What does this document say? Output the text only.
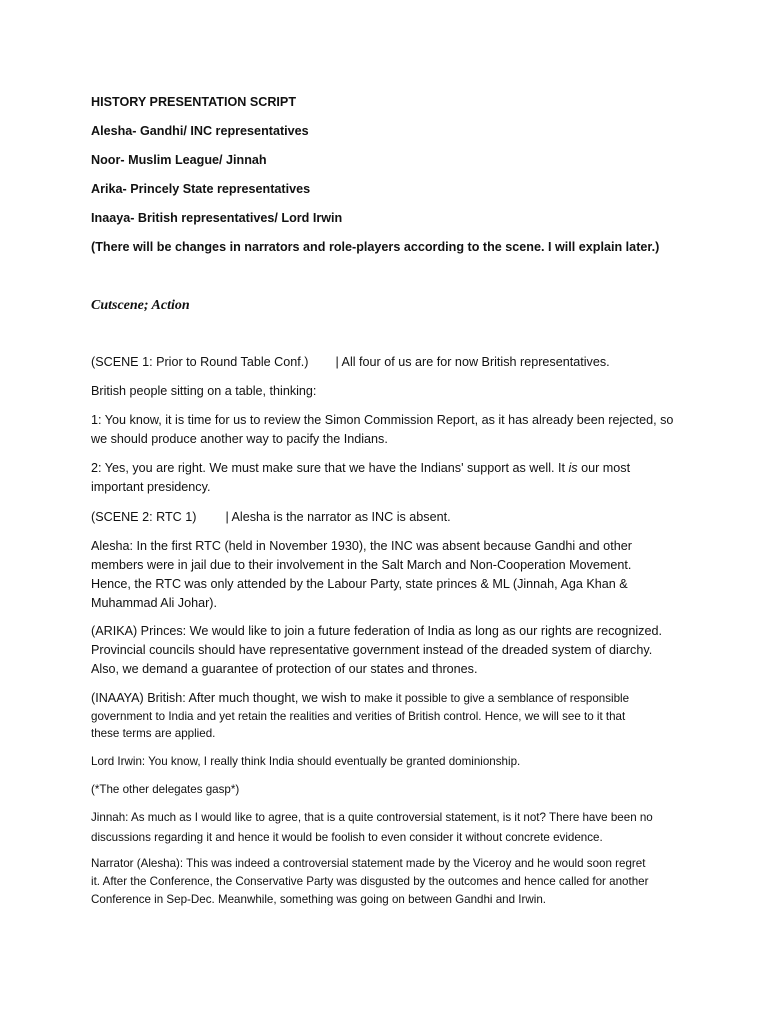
HISTORY PRESENTATION SCRIPT
Alesha- Gandhi/ INC representatives
Noor- Muslim League/ Jinnah
Arika- Princely State representatives
Inaaya- British representatives/ Lord Irwin
(There will be changes in narrators and role-players according to the scene. I will explain later.)
Cutscene; Action
(SCENE 1: Prior to Round Table Conf.) | All four of us are for now British representatives.
British people sitting on a table, thinking:
1: You know, it is time for us to review the Simon Commission Report, as it has already been rejected, so
we should produce another way to pacify the Indians.
2: Yes, you are right. We must make sure that we have the Indians' support as well. It is our most
important presidency.
(SCENE 2: RTC 1) | Alesha is the narrator as INC is absent.
Alesha: In the first RTC (held in November 1930), the INC was absent because Gandhi and other
members were in jail due to their involvement in the Salt March and Non-Cooperation Movement.
Hence, the RTC was only attended by the Labour Party, state princes & ML (Jinnah, Aga Khan &
Muhammad Ali Johar).
(ARIKA) Princes: We would like to join a future federation of India as long as our rights are recognized.
Provincial councils should have representative government instead of the dreaded system of diarchy.
Also, we demand a guarantee of protection of our states and thrones.
(INAAYA) British: After much thought, we wish to make it possible to give a semblance of responsible
government to India and yet retain the realities and verities of British control. Hence, we will see to it that
these terms are applied.
Lord Irwin: You know, I really think India should eventually be granted dominionship.
(*The other delegates gasp*)
Jinnah: As much as I would like to agree, that is a quite controversial statement, is it not? There have been no
discussions regarding it and hence it would be foolish to even consider it without concrete evidence.
Narrator (Alesha): This was indeed a controversial statement made by the Viceroy and he would soon regret
it. After the Conference, the Conservative Party was disgusted by the outcomes and hence called for another
Conference in Sep-Dec. Meanwhile, something was going on between Gandhi and Irwin.
